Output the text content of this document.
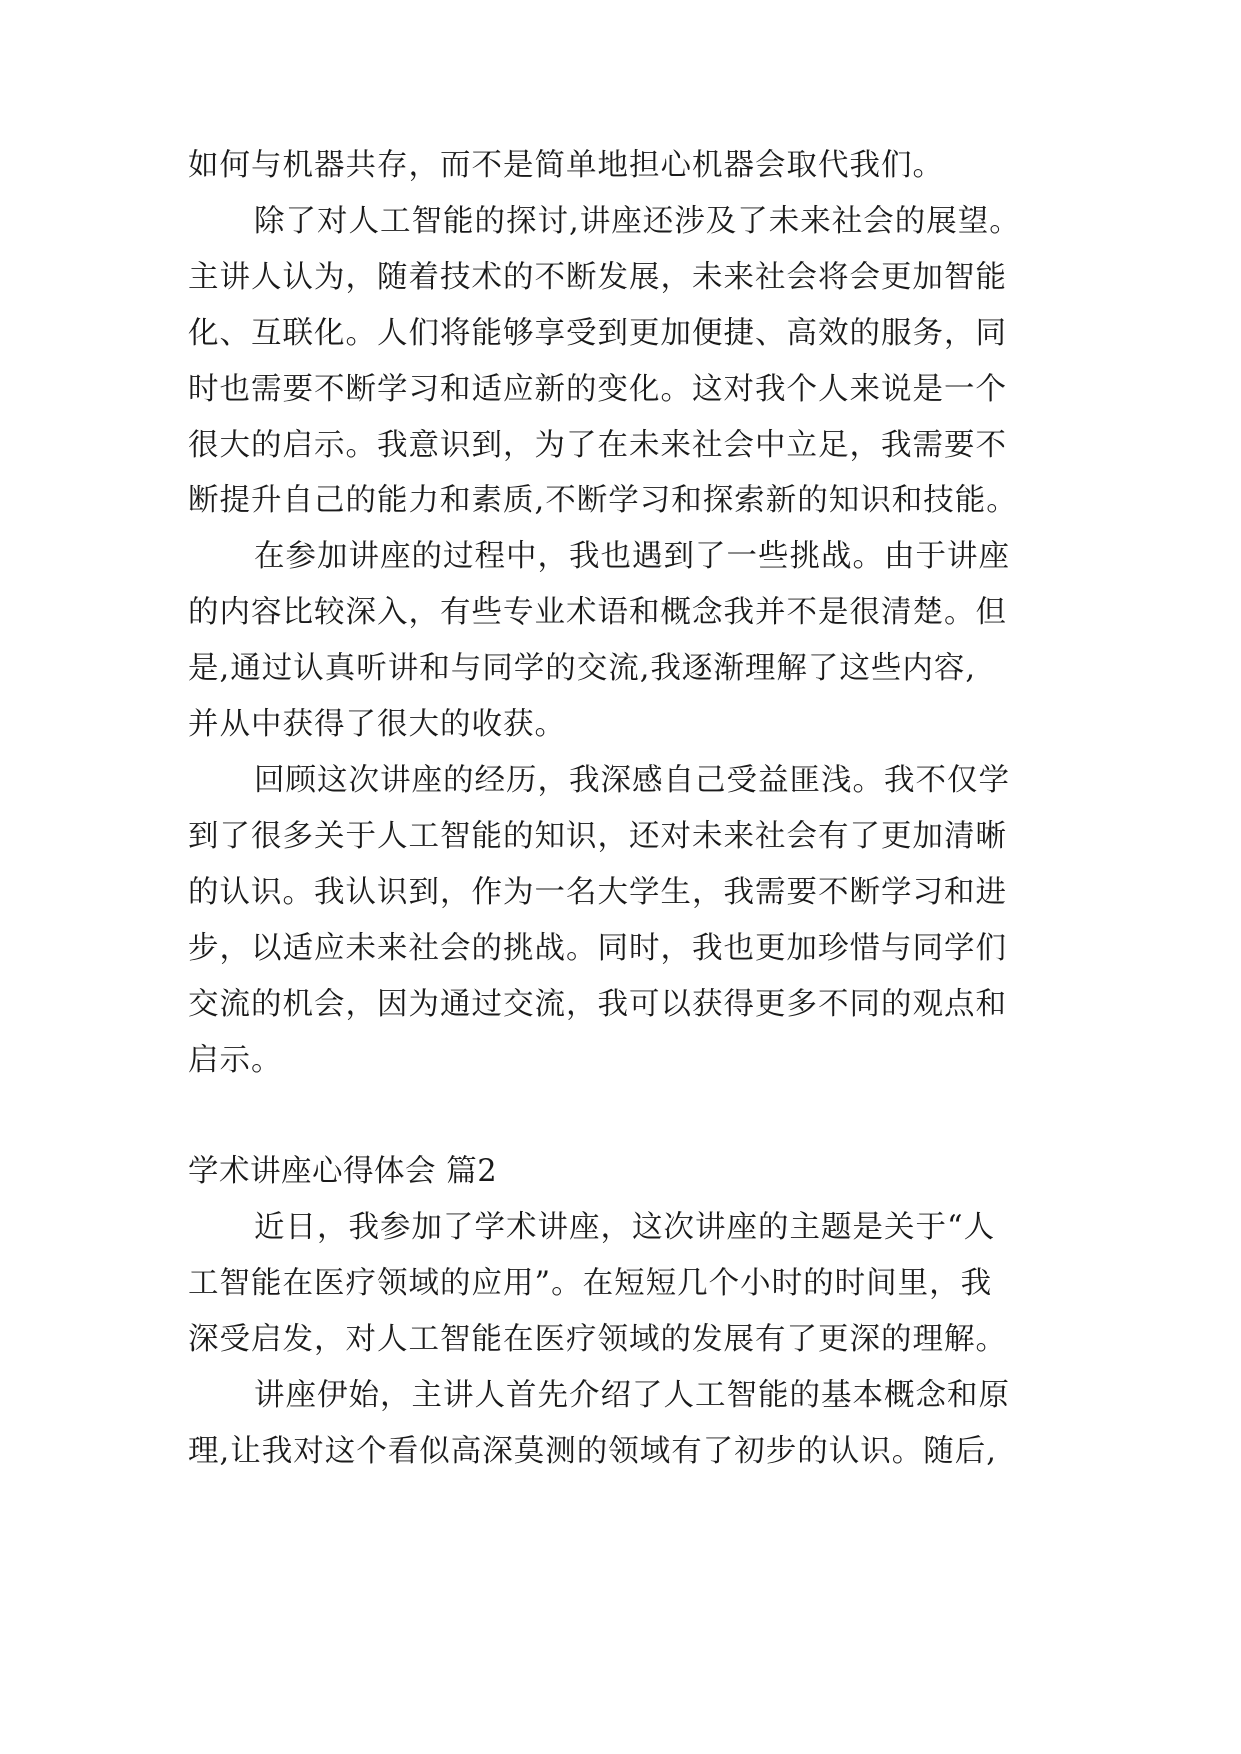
如何与机器共存，而不是简单地担心机器会取代我们。
除了对人工智能的探讨,讲座还涉及了未来社会的展望。
主讲人认为，随着技术的不断发展，未来社会将会更加智能
化、互联化。人们将能够享受到更加便捷、高效的服务，同
时也需要不断学习和适应新的变化。这对我个人来说是一个
很大的启示。我意识到，为了在未来社会中立足，我需要不
断提升自己的能力和素质,不断学习和探索新的知识和技能。
在参加讲座的过程中，我也遇到了一些挑战。由于讲座
的内容比较深入，有些专业术语和概念我并不是很清楚。但
是,通过认真听讲和与同学的交流,我逐渐理解了这些内容,
并从中获得了很大的收获。
回顾这次讲座的经历，我深感自己受益匪浅。我不仅学
到了很多关于人工智能的知识，还对未来社会有了更加清晰
的认识。我认识到，作为一名大学生，我需要不断学习和进
步，以适应未来社会的挑战。同时，我也更加珍惜与同学们
交流的机会，因为通过交流，我可以获得更多不同的观点和
启示。
学术讲座心得体会 篇2
近日，我参加了学术讲座，这次讲座的主题是关于“人
工智能在医疗领域的应用”。在短短几个小时的时间里，我
深受启发，对人工智能在医疗领域的发展有了更深的理解。
讲座伊始，主讲人首先介绍了人工智能的基本概念和原
理,让我对这个看似高深莫测的领域有了初步的认识。随后,
